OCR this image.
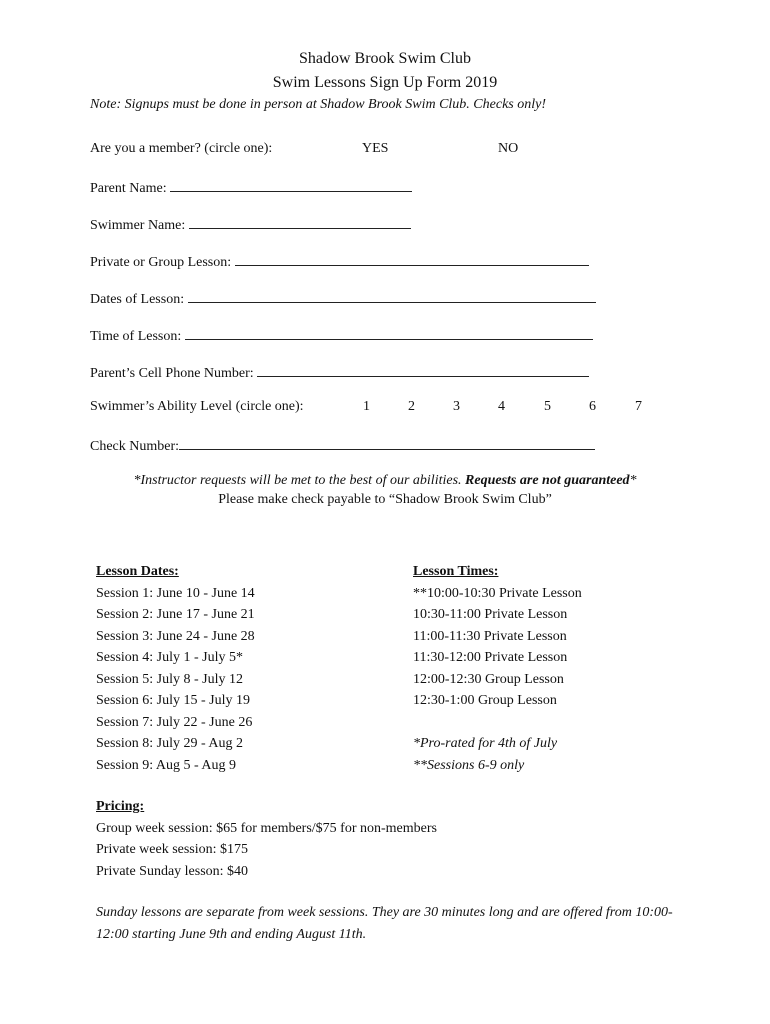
Shadow Brook Swim Club
Swim Lessons Sign Up Form 2019
Note: Signups must be done in person at Shadow Brook Swim Club. Checks only!
Are you a member? (circle one):	YES	NO
Parent Name:
Swimmer Name:
Private or Group Lesson:
Dates of Lesson:
Time of Lesson:
Parent’s Cell Phone Number:
Swimmer’s Ability Level (circle one):	1	2	3	4	5	6	7
Check Number:
*Instructor requests will be met to the best of our abilities. Requests are not guaranteed*
Please make check payable to “Shadow Brook Swim Club”
Lesson Dates:
Session 1: June 10 - June 14
Session 2: June 17 - June 21
Session 3: June 24 - June 28
Session 4: July 1 - July 5*
Session 5: July 8 - July 12
Session 6: July 15 - July 19
Session 7: July 22 - June 26
Session 8: July 29 - Aug 2
Session 9: Aug 5 - Aug 9
Lesson Times:
**10:00-10:30 Private Lesson
10:30-11:00 Private Lesson
11:00-11:30 Private Lesson
11:30-12:00 Private Lesson
12:00-12:30 Group Lesson
12:30-1:00 Group Lesson
*Pro-rated for 4th of July
**Sessions 6-9 only
Pricing:
Group week session: $65 for members/$75 for non-members
Private week session: $175
Private Sunday lesson: $40
Sunday lessons are separate from week sessions. They are 30 minutes long and are offered from 10:00-12:00 starting June 9th and ending August 11th.
